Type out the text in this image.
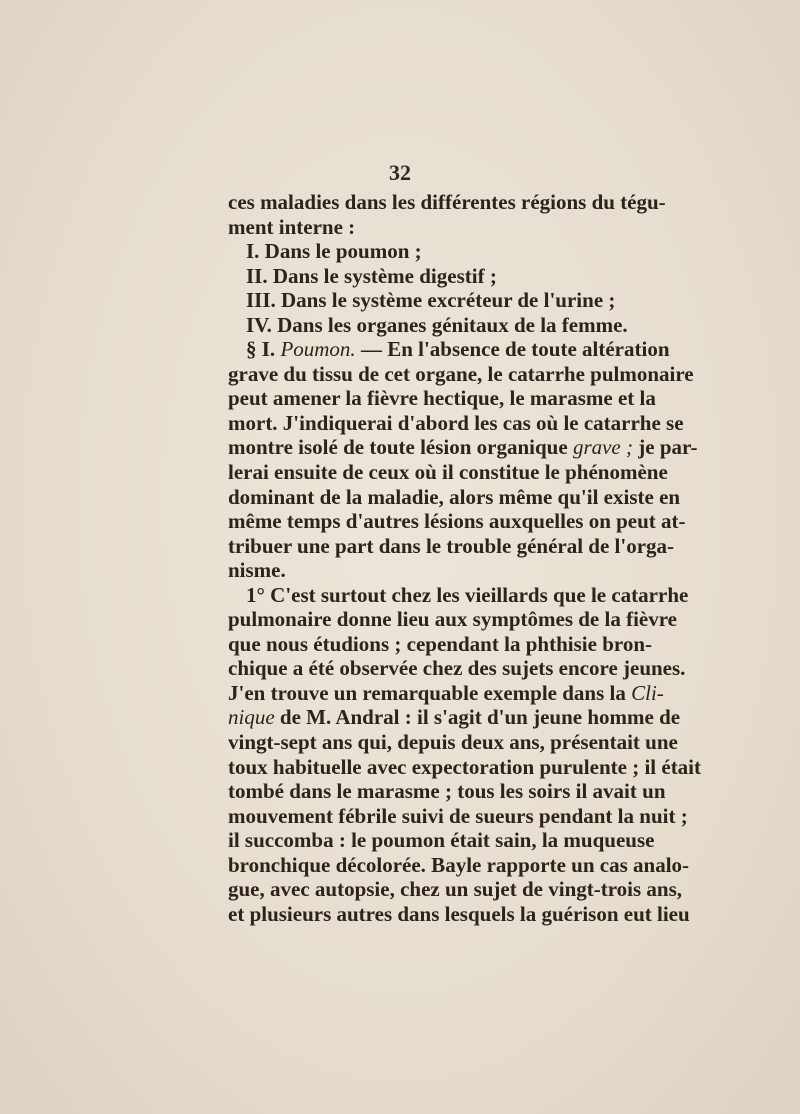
32
ces maladies dans les différentes régions du tégu-
ment interne :
I. Dans le poumon ;
II. Dans le système digestif ;
III. Dans le système excréteur de l'urine ;
IV. Dans les organes génitaux de la femme.
§ I. Poumon. — En l'absence de toute altération
grave du tissu de cet organe, le catarrhe pulmonaire
peut amener la fièvre hectique, le marasme et la
mort. J'indiquerai d'abord les cas où le catarrhe se
montre isolé de toute lésion organique grave ; je par-
lerai ensuite de ceux où il constitue le phénomène
dominant de la maladie, alors même qu'il existe en
même temps d'autres lésions auxquelles on peut at-
tribuer une part dans le trouble général de l'orga-
nisme.
1° C'est surtout chez les vieillards que le catarrhe
pulmonaire donne lieu aux symptômes de la fièvre
que nous étudions ; cependant la phthisie bron-
chique a été observée chez des sujets encore jeunes.
J'en trouve un remarquable exemple dans la Cli-
nique de M. Andral : il s'agit d'un jeune homme de
vingt-sept ans qui, depuis deux ans, présentait une
toux habituelle avec expectoration purulente ; il était
tombé dans le marasme ; tous les soirs il avait un
mouvement fébrile suivi de sueurs pendant la nuit ;
il succomba : le poumon était sain, la muqueuse
bronchique décolorée. Bayle rapporte un cas analo-
gue, avec autopsie, chez un sujet de vingt-trois ans,
et plusieurs autres dans lesquels la guérison eut lieu
